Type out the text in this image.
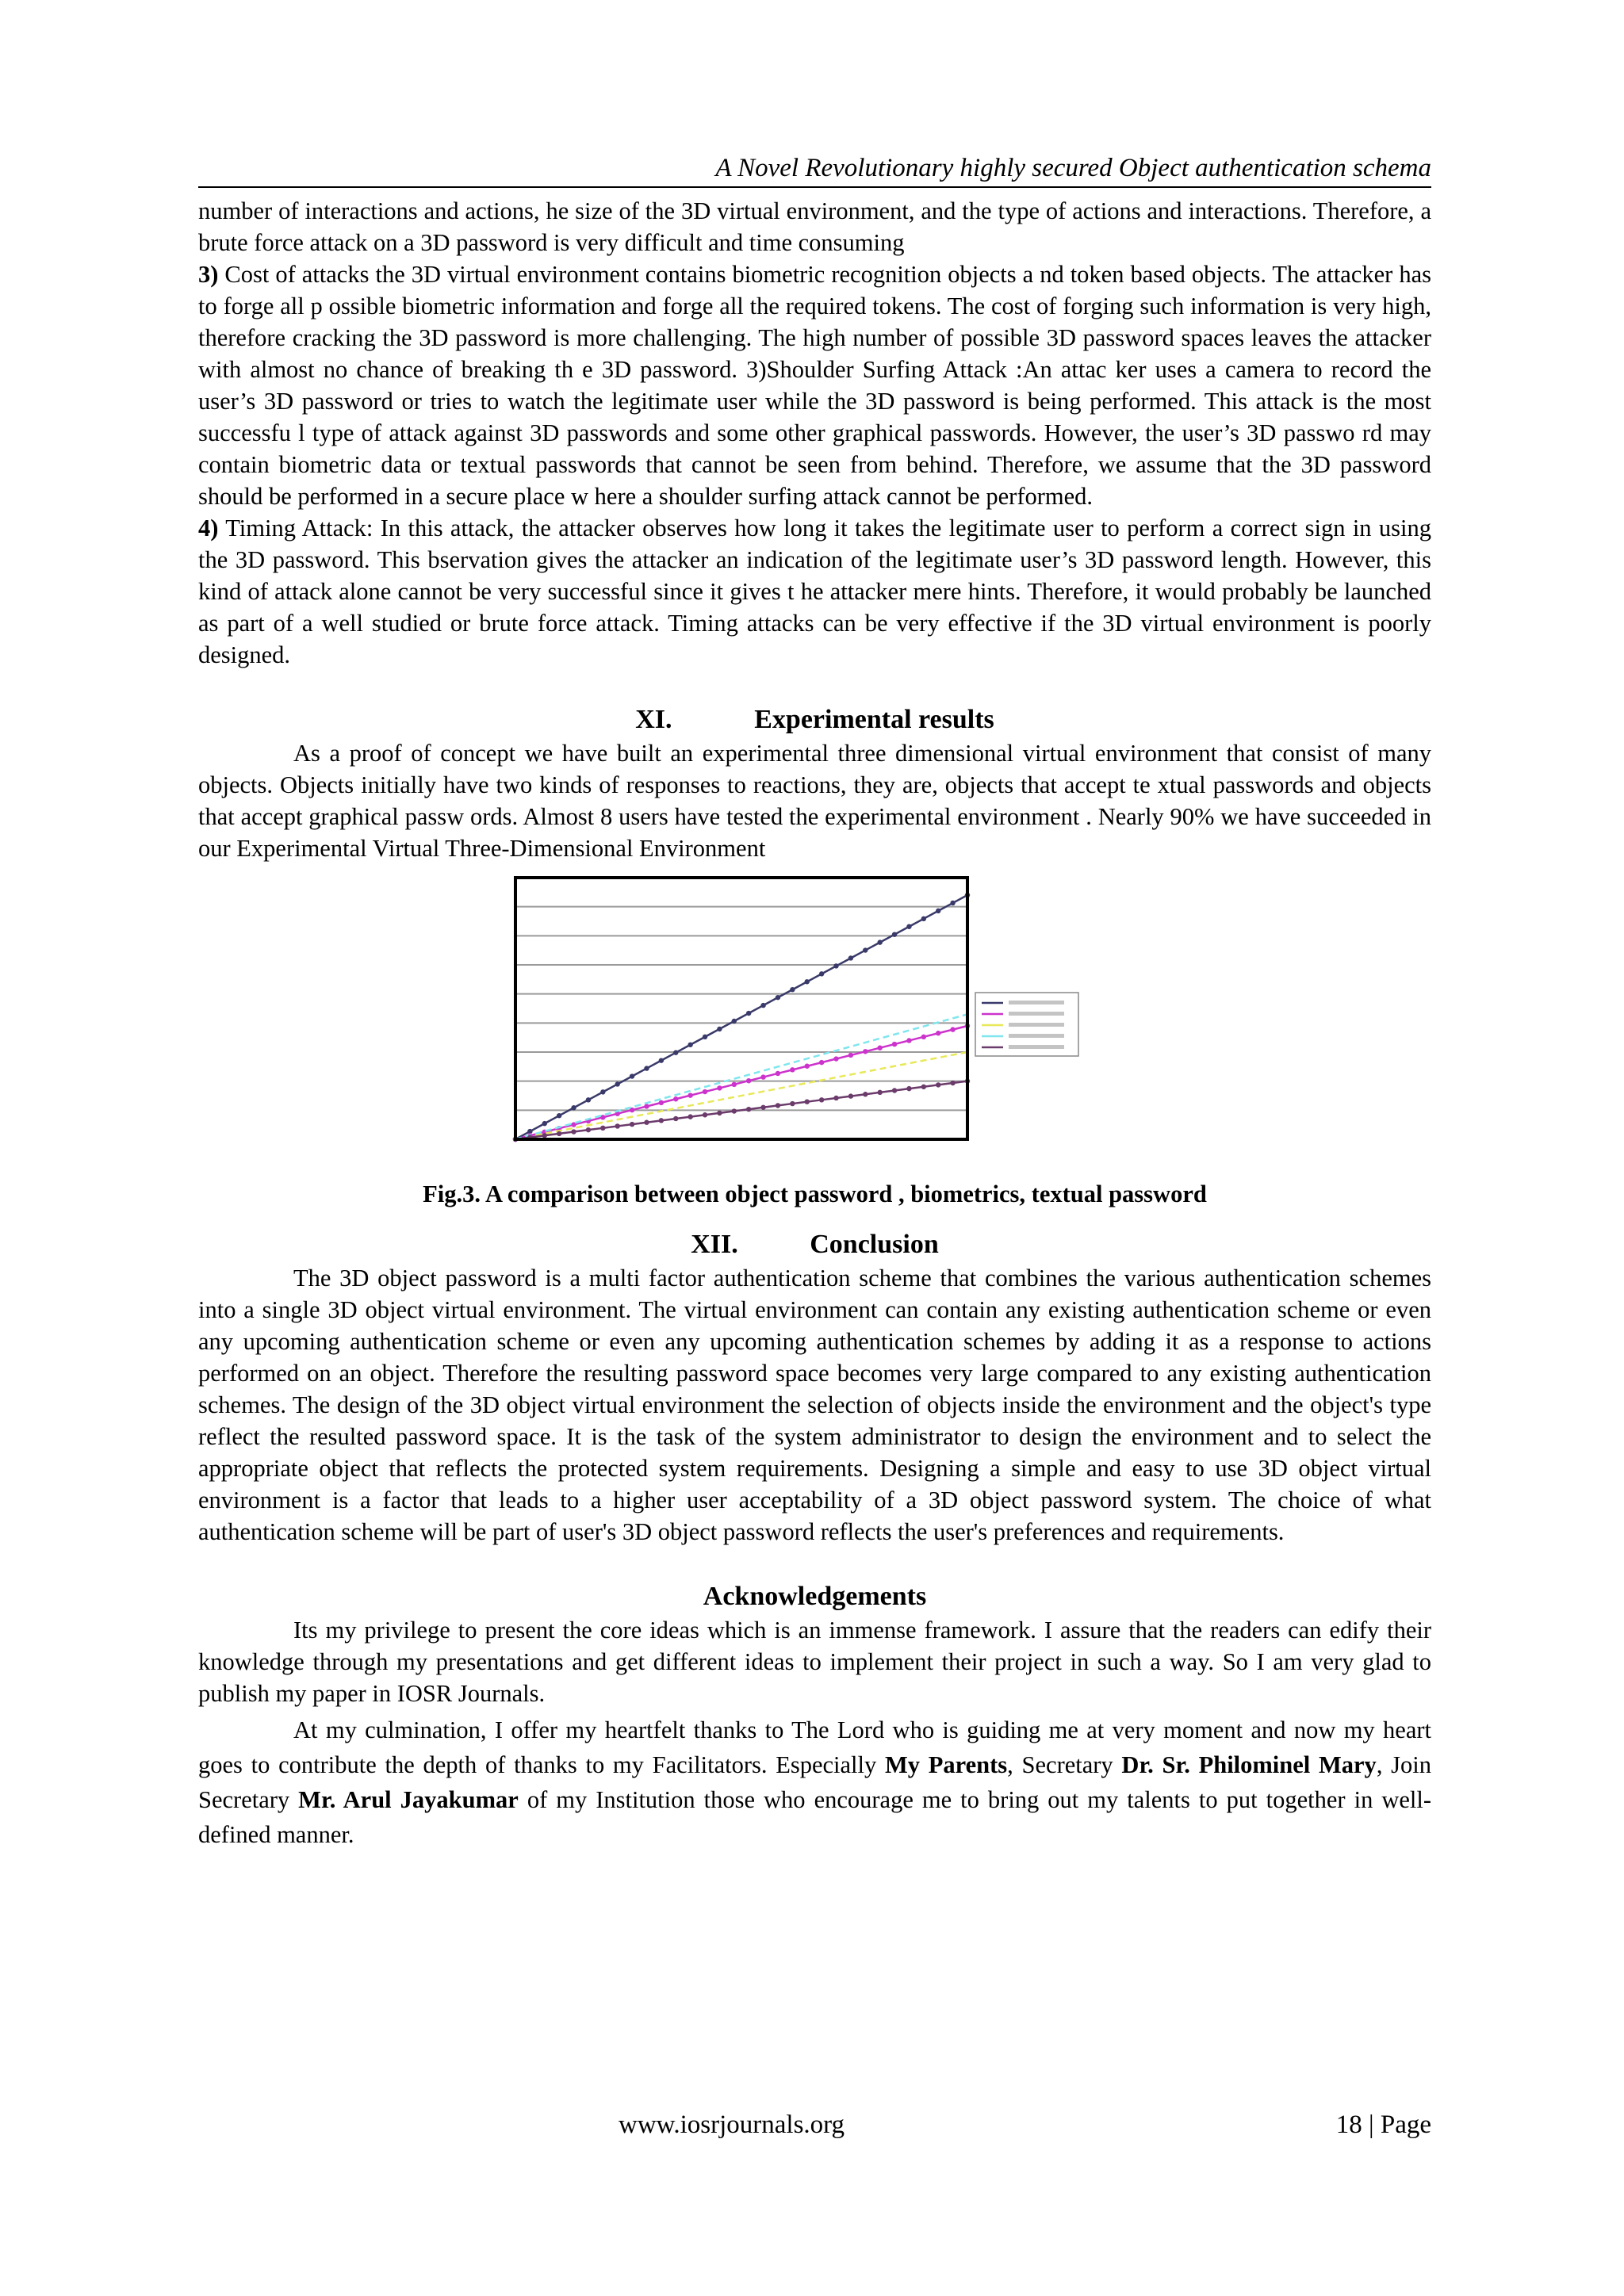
A Novel Revolutionary highly secured Object authentication schema

number of interactions and actions, he size of the 3D virtual environment, and the type of actions and interactions. Therefore, a brute force attack on a 3D password is very difficult and time consuming

3) Cost of attacks the 3D virtual environment contains biometric recognition objects a nd token based objects. The attacker has to forge all p ossible biometric information and forge all the required tokens. The cost of forging such information is very high, therefore cracking the 3D password is more challenging. The high number of possible 3D password spaces leaves the attacker with almost no chance of breaking th e 3D password. 3)Shoulder Surfing Attack :An attac ker uses a camera to record the user’s 3D password or tries to watch the legitimate user while the 3D password is being performed. This attack is the most successfu l type of attack against 3D passwords and some other graphical passwords. However, the user’s 3D passwo rd may contain biometric data or textual passwords that cannot be seen from behind. Therefore, we assume that the 3D password should be performed in a secure place w here a shoulder surfing attack cannot be performed.

4) Timing Attack: In this attack, the attacker observes how long it takes the legitimate user to perform a correct sign in using the 3D password. This bservation gives the attacker an indication of the legitimate user’s 3D password length. However, this kind of attack alone cannot be very successful since it gives t he attacker mere hints. Therefore, it would probably be launched as part of a well studied or brute force attack. Timing attacks can be very effective if the 3D virtual environment is poorly designed.

XI.	Experimental results

As a proof of concept we have built an experimental three dimensional virtual environment that consist of many objects. Objects initially have two kinds of responses to reactions, they are, objects that accept te xtual passwords and objects that accept graphical passw ords. Almost 8 users have tested the experimental environment . Nearly 90% we have succeeded in our Experimental Virtual Three-Dimensional Environment

Fig.3. A comparison between object password , biometrics, textual password

XII.	Conclusion

The 3D object password is a multi factor authentication scheme that combines the various authentication schemes into a single 3D object virtual environment. The virtual environment can contain any existing authentication scheme or even any upcoming authentication scheme or even any upcoming authentication schemes by adding it as a response to actions performed on an object. Therefore the resulting password space becomes very large compared to any existing authentication schemes. The design of the 3D object virtual environment the selection of objects inside the environment and the object's type reflect the resulted password space. It is the task of the system administrator to design the environment and to select the appropriate object that reflects the protected system requirements. Designing a simple and easy to use 3D object virtual environment is a factor that leads to a higher user acceptability of a 3D object password system. The choice of what authentication scheme will be part of user's 3D object password reflects the user's preferences and requirements.

Acknowledgements

Its my privilege to present the core ideas which is an immense framework. I assure that the readers can edify their knowledge through my presentations and get different ideas to implement their project in such a way. So I am very glad to publish my paper in IOSR Journals.

At my culmination, I offer my heartfelt thanks to The Lord who is guiding me at very moment and now my heart goes to contribute the depth of thanks to my Facilitators. Especially My Parents, Secretary Dr. Sr. Philominel Mary, Join Secretary Mr. Arul Jayakumar of my Institution those who encourage me to bring out my talents to put together in well-defined manner.

www.iosrjournals.org	18 | Page
